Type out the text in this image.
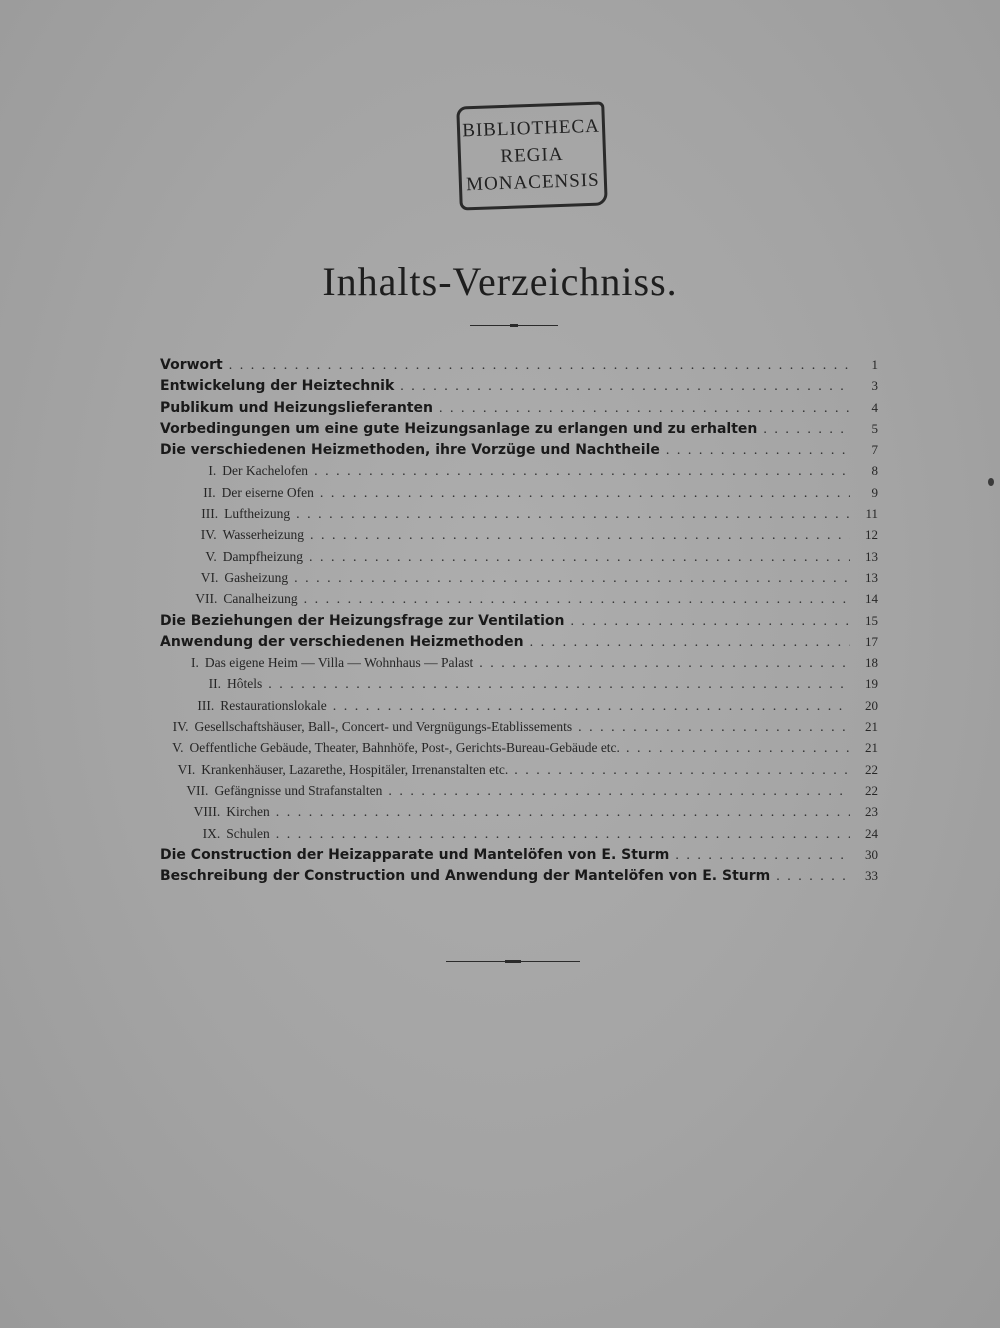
BIBLIOTHECA
REGIA
MONACENSIS
Inhalts-Verzeichniss.
Vorwort . . .	1
Entwickelung der Heiztechnik . . .	3
Publikum und Heizungslieferanten . . .	4
Vorbedingungen um eine gute Heizungsanlage zu erlangen und zu erhalten . . .	5
Die verschiedenen Heizmethoden, ihre Vorzüge und Nachtheile . . .	7
I. Der Kachelofen . . .	8
II. Der eiserne Ofen . . .	9
III. Luftheizung . . .	11
IV. Wasserheizung . . .	12
V. Dampfheizung . . .	13
VI. Gasheizung . . .	13
VII. Canalheizung . . .	14
Die Beziehungen der Heizungsfrage zur Ventilation . . .	15
Anwendung der verschiedenen Heizmethoden . . .	17
I. Das eigene Heim — Villa — Wohnhaus — Palast . . .	18
II. Hôtels . . .	19
III. Restaurationslokale . . .	20
IV. Gesellschaftshäuser, Ball-, Concert- und Vergnügungs-Etablissements . . .	21
V. Oeffentliche Gebäude, Theater, Bahnhöfe, Post-, Gerichts-Bureau-Gebäude etc. . . .	21
VI. Krankenhäuser, Lazarethe, Hospitäler, Irrenanstalten etc. . . .	22
VII. Gefängnisse und Strafanstalten . . .	22
VIII. Kirchen . . .	23
IX. Schulen . . .	24
Die Construction der Heizapparate und Mantelöfen von E. Sturm . . .	30
Beschreibung der Construction und Anwendung der Mantelöfen von E. Sturm . . .	33
